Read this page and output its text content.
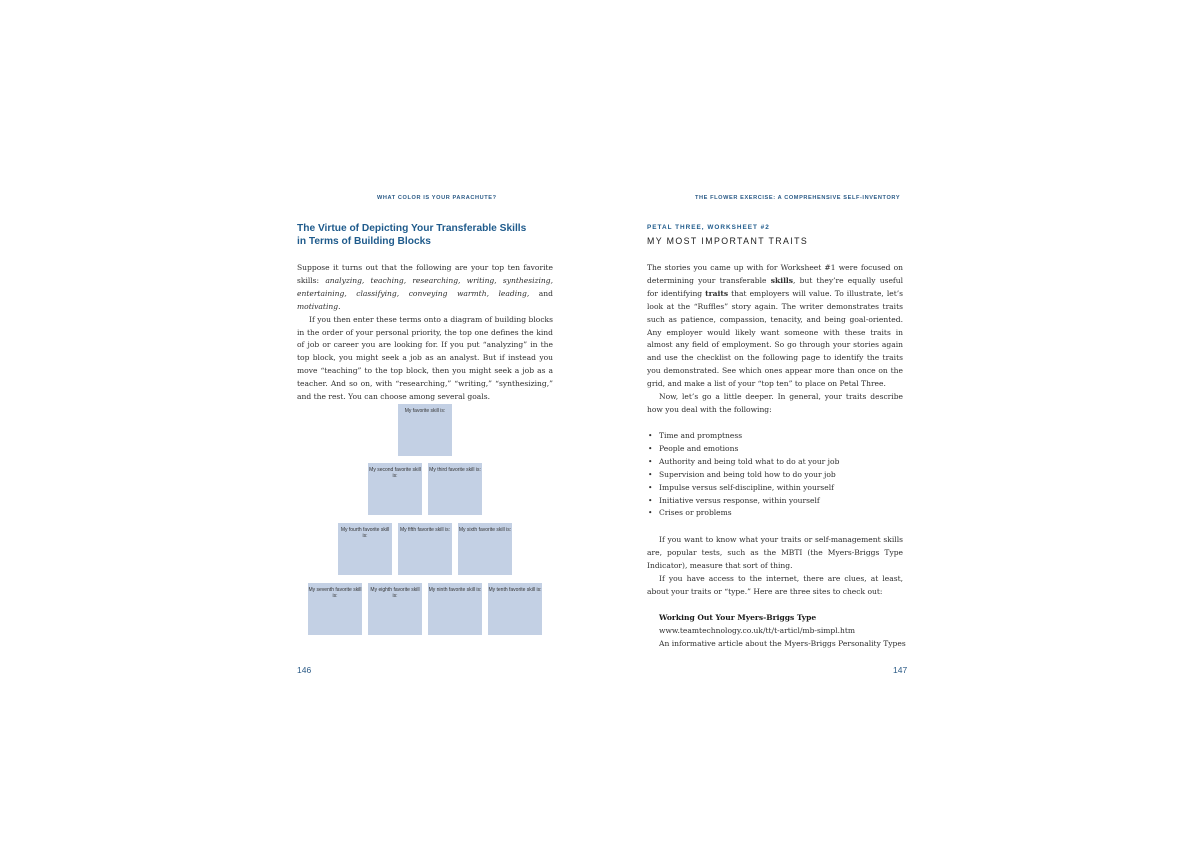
WHAT COLOR IS YOUR PARACHUTE?
The Virtue of Depicting Your Transferable Skills
in Terms of Building Blocks

Suppose it turns out that the following are your top ten favorite skills: analyzing, teaching, researching, writing, synthesizing, entertaining, classifying, conveying warmth, leading, and motivating.

If you then enter these terms onto a diagram of building blocks in the order of your personal priority, the top one defines the kind of job or career you are looking for. If you put “analyzing” in the top block, you might seek a job as an analyst. But if instead you move “teaching” to the top block, then you might seek a job as a teacher. And so on, with “researching,” “writing,” “synthesizing,” and the rest. You can choose among several goals.

My favorite skill is:
My second favorite skill is:
My third favorite skill is:
My fourth favorite skill is:
My fifth favorite skill is:	My sixth favorite skill is:
My seventh favorite skill is:
My eighth favorite skill is:
My ninth favorite skill is: My tenth favorite skill is:
146
THE FLOWER EXERCISE: A COMPREHENSIVE SELF-INVENTORY
PETAL THREE, WORKSHEET #2
MY MOST IMPORTANT TRAITS

The stories you came up with for Worksheet #1 were focused on determining your transferable skills, but they’re equally useful for identifying traits that employers will value. To illustrate, let’s look at the “Ruffles” story again. The writer demonstrates traits such as patience, compassion, tenacity, and being goal-oriented. Any employer would likely want someone with these traits in almost any field of employment. So go through your stories again and use the checklist on the following page to identify the traits you demonstrated. See which ones appear more than once on the grid, and make a list of your “top ten” to place on Petal Three.

Now, let’s go a little deeper. In general, your traits describe how you deal with the following:

• Time and promptness
• People and emotions
• Authority and being told what to do at your job
• Supervision and being told how to do your job
• Impulse versus self-discipline, within yourself
• Initiative versus response, within yourself
• Crises or problems

If you want to know what your traits or self-management skills are, popular tests, such as the MBTI (the Myers-Briggs Type Indicator), measure that sort of thing.

If you have access to the internet, there are clues, at least, about your traits or “type.” Here are three sites to check out:

Working Out Your Myers-Briggs Type
www.teamtechnology.co.uk/tt/t-articl/mb-simpl.htm
An informative article about the Myers-Briggs Personality Types
147
